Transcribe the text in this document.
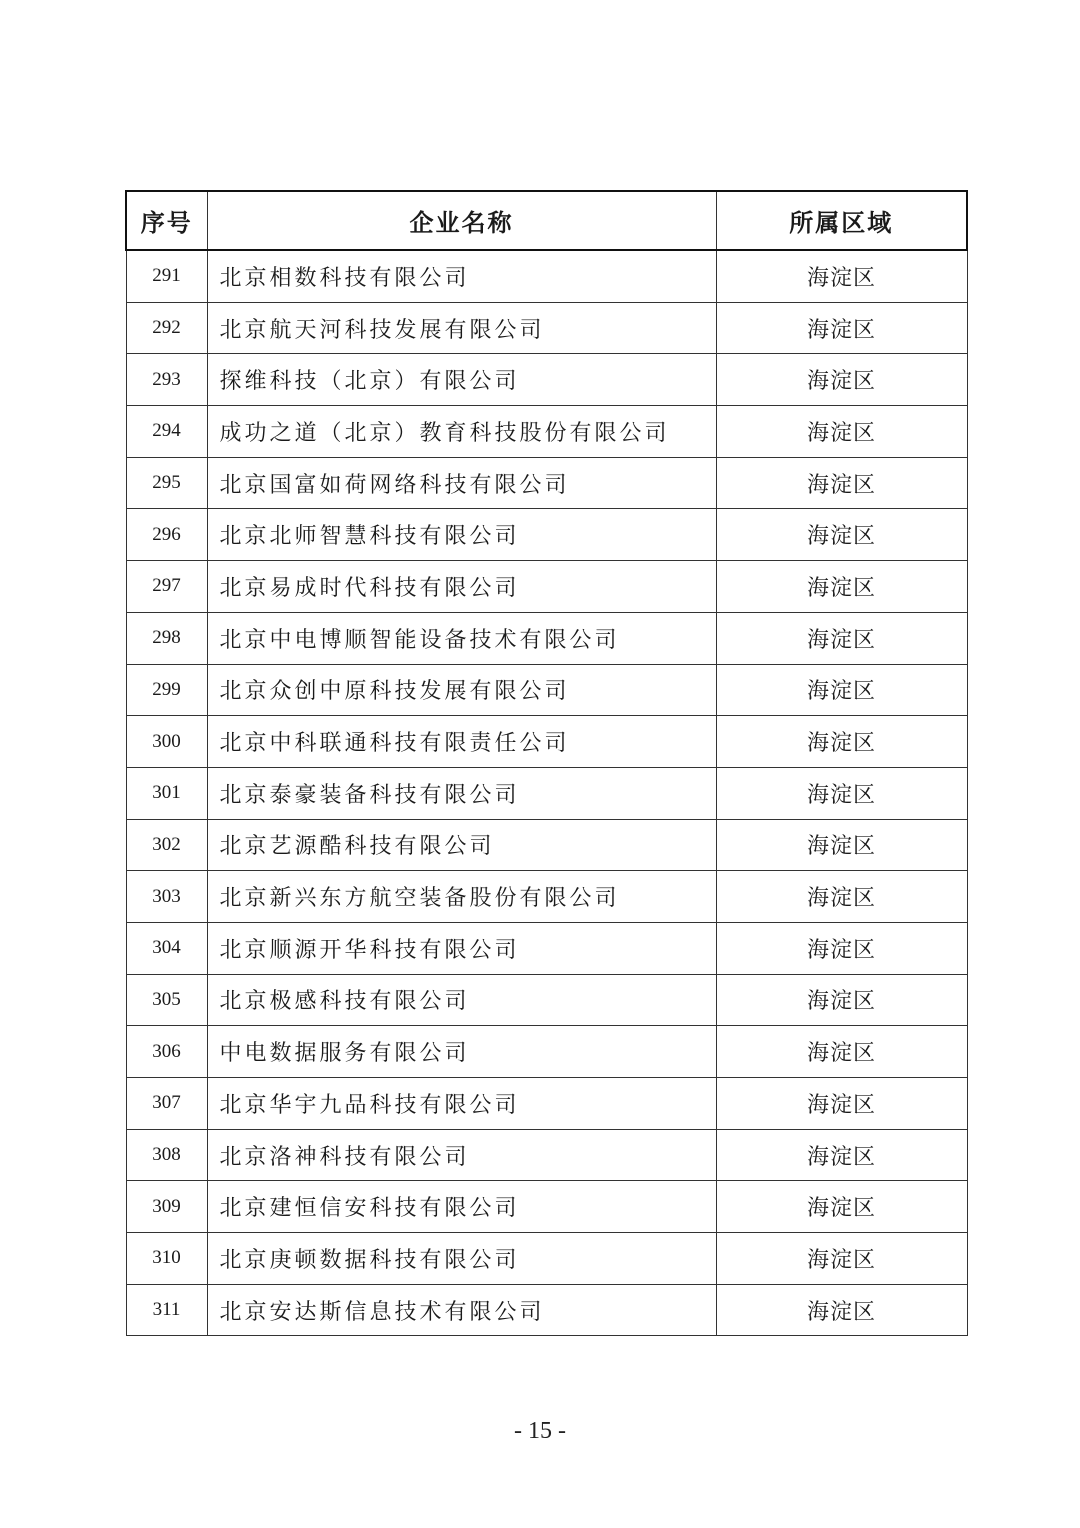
序号	企业名称	所属区域
291	北京相数科技有限公司	海淀区
292	北京航天河科技发展有限公司	海淀区
293	探维科技（北京）有限公司	海淀区
294	成功之道（北京）教育科技股份有限公司	海淀区
295	北京国富如荷网络科技有限公司	海淀区
296	北京北师智慧科技有限公司	海淀区
297	北京易成时代科技有限公司	海淀区
298	北京中电博顺智能设备技术有限公司	海淀区
299	北京众创中原科技发展有限公司	海淀区
300	北京中科联通科技有限责任公司	海淀区
301	北京泰豪装备科技有限公司	海淀区
302	北京艺源酷科技有限公司	海淀区
303	北京新兴东方航空装备股份有限公司	海淀区
304	北京顺源开华科技有限公司	海淀区
305	北京极感科技有限公司	海淀区
306	中电数据服务有限公司	海淀区
307	北京华宇九品科技有限公司	海淀区
308	北京洛神科技有限公司	海淀区
309	北京建恒信安科技有限公司	海淀区
310	北京庚顿数据科技有限公司	海淀区
311	北京安达斯信息技术有限公司	海淀区
- 15 -
